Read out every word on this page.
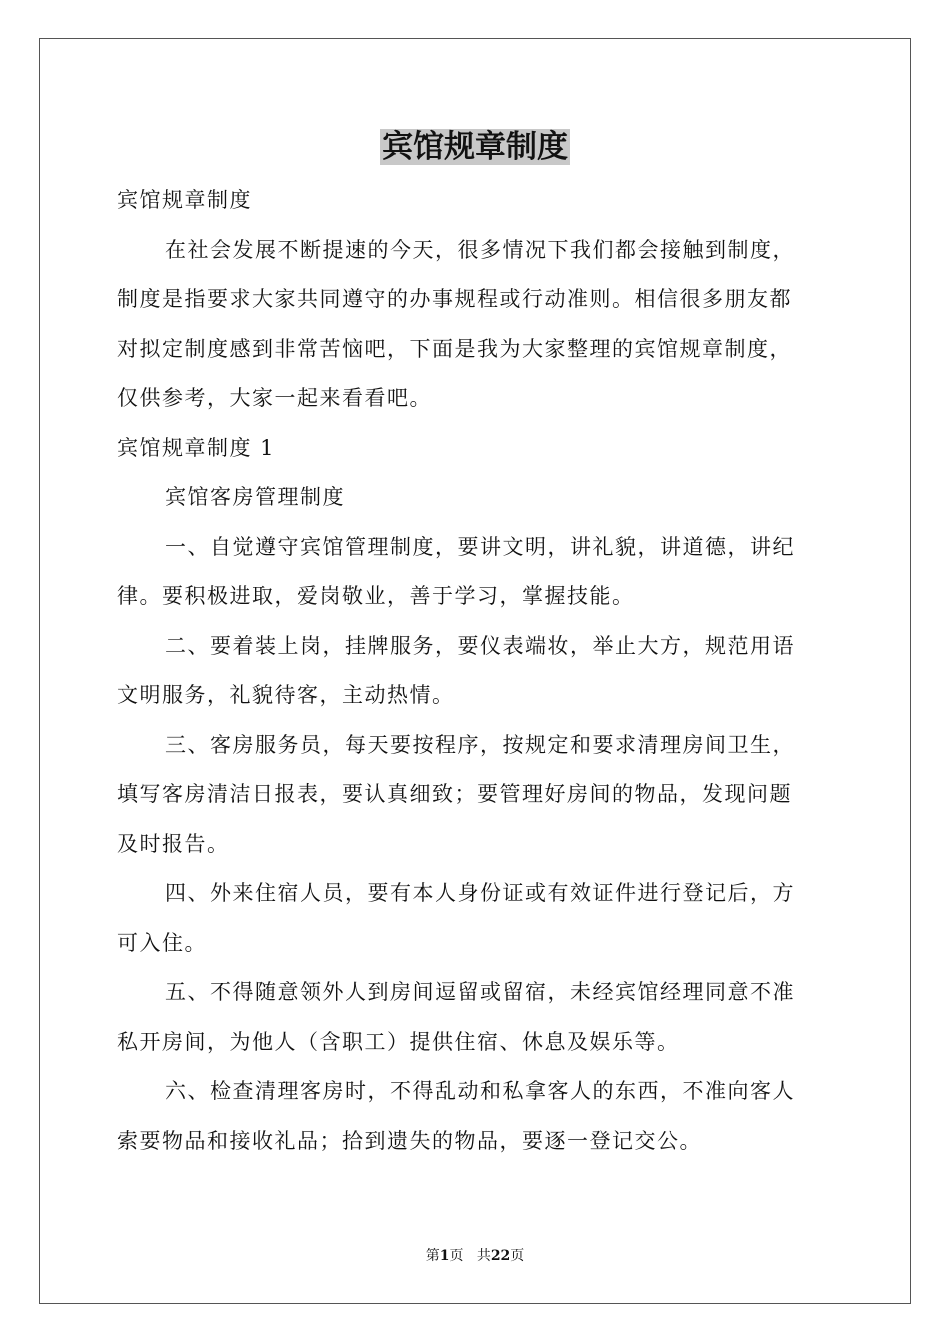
宾馆规章制度

宾馆规章制度

在社会发展不断提速的今天，很多情况下我们都会接触到制度，

制度是指要求大家共同遵守的办事规程或行动准则。相信很多朋友都

对拟定制度感到非常苦恼吧，下面是我为大家整理的宾馆规章制度，

仅供参考，大家一起来看看吧。

宾馆规章制度 1

宾馆客房管理制度

一、自觉遵守宾馆管理制度，要讲文明，讲礼貌，讲道德，讲纪

律。要积极进取，爱岗敬业，善于学习，掌握技能。

二、要着装上岗，挂牌服务，要仪表端妆，举止大方，规范用语

文明服务，礼貌待客，主动热情。

三、客房服务员，每天要按程序，按规定和要求清理房间卫生，

填写客房清洁日报表，要认真细致；要管理好房间的物品，发现问题

及时报告。

四、外来住宿人员，要有本人身份证或有效证件进行登记后，方

可入住。

五、不得随意领外人到房间逗留或留宿，未经宾馆经理同意不准

私开房间，为他人（含职工）提供住宿、休息及娱乐等。

六、检查清理客房时，不得乱动和私拿客人的东西，不准向客人

索要物品和接收礼品；拾到遗失的物品，要逐一登记交公。

第1页 共22页
